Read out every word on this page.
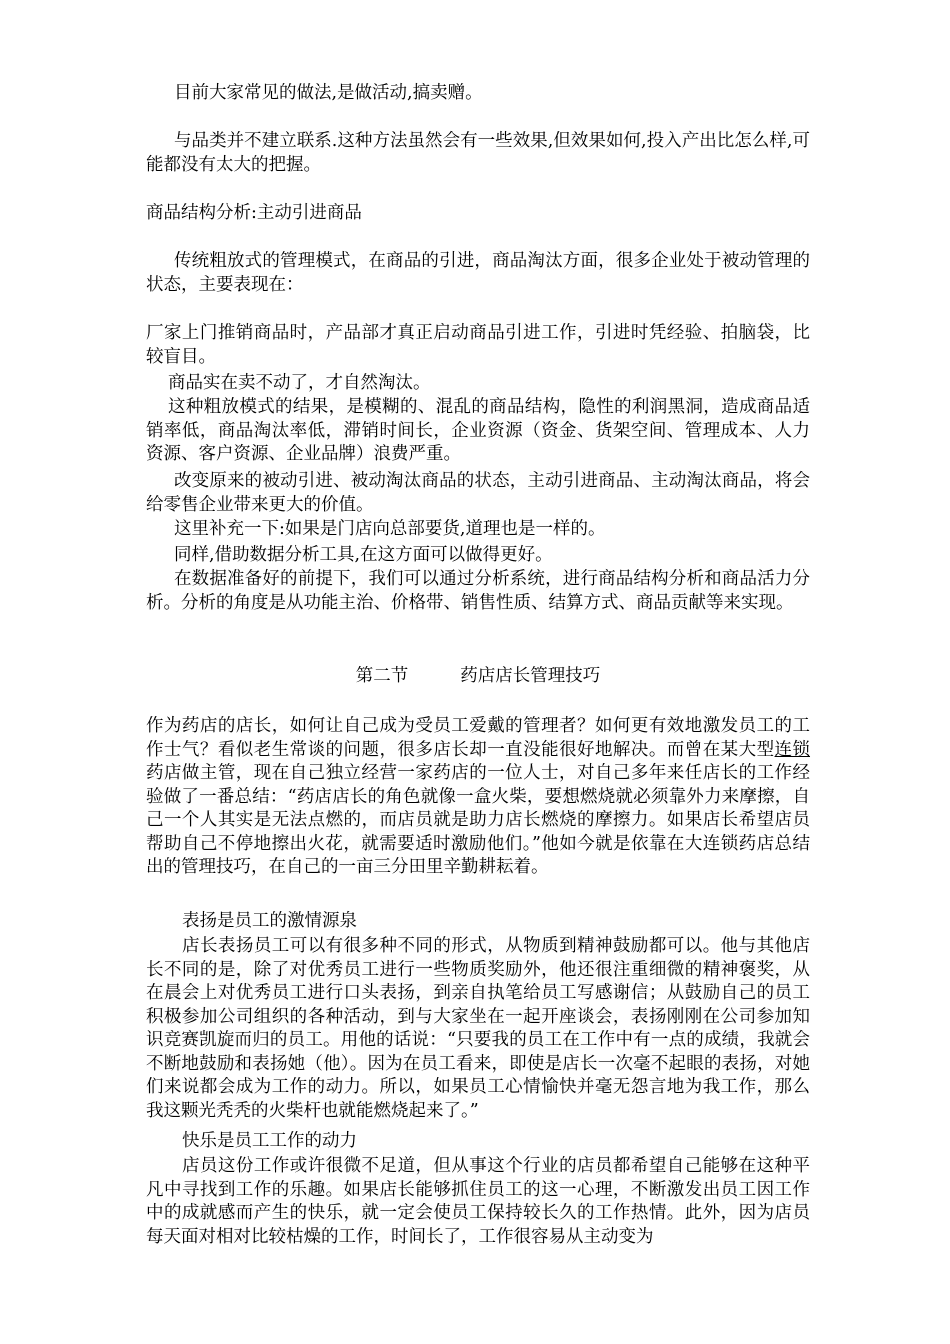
目前大家常见的做法,是做活动,搞卖赠。

与品类并不建立联系.这种方法虽然会有一些效果,但效果如何,投入产出比怎么样,可能都没有太大的把握。

商品结构分析:主动引进商品

传统粗放式的管理模式，在商品的引进，商品淘汰方面，很多企业处于被动管理的状态，主要表现在：

厂家上门推销商品时，产品部才真正启动商品引进工作，引进时凭经验、拍脑袋，比较盲目。

商品实在卖不动了，才自然淘汰。

这种粗放模式的结果，是模糊的、混乱的商品结构，隐性的利润黑洞，造成商品适销率低，商品淘汰率低，滞销时间长，企业资源（资金、货架空间、管理成本、人力资源、客户资源、企业品牌）浪费严重。

改变原来的被动引进、被动淘汰商品的状态，主动引进商品、主动淘汰商品，将会给零售企业带来更大的价值。

这里补充一下:如果是门店向总部要货,道理也是一样的。

同样,借助数据分析工具,在这方面可以做得更好。

在数据准备好的前提下，我们可以通过分析系统，进行商品结构分析和商品活力分析。分析的角度是从功能主治、价格带、销售性质、结算方式、商品贡献等来实现。

第二节	药店店长管理技巧

作为药店的店长，如何让自己成为受员工爱戴的管理者？如何更有效地激发员工的工作士气？看似老生常谈的问题，很多店长却一直没能很好地解决。而曾在某大型连锁药店做主管，现在自己独立经营一家药店的一位人士，对自己多年来任店长的工作经验做了一番总结：“药店店长的角色就像一盒火柴，要想燃烧就必须靠外力来摩擦，自己一个人其实是无法点燃的，而店员就是助力店长燃烧的摩擦力。如果店长希望店员帮助自己不停地擦出火花，就需要适时激励他们。”他如今就是依靠在大连锁药店总结出的管理技巧，在自己的一亩三分田里辛勤耕耘着。

表扬是员工的激情源泉

店长表扬员工可以有很多种不同的形式，从物质到精神鼓励都可以。他与其他店长不同的是，除了对优秀员工进行一些物质奖励外，他还很注重细微的精神褒奖，从在晨会上对优秀员工进行口头表扬，到亲自执笔给员工写感谢信；从鼓励自己的员工积极参加公司组织的各种活动，到与大家坐在一起开座谈会，表扬刚刚在公司参加知识竞赛凯旋而归的员工。用他的话说：“只要我的员工在工作中有一点的成绩，我就会不断地鼓励和表扬她（他）。因为在员工看来，即使是店长一次毫不起眼的表扬，对她们来说都会成为工作的动力。所以，如果员工心情愉快并毫无怨言地为我工作，那么我这颗光秃秃的火柴杆也就能燃烧起来了。”

快乐是员工工作的动力

店员这份工作或许很微不足道，但从事这个行业的店员都希望自己能够在这种平凡中寻找到工作的乐趣。如果店长能够抓住员工的这一心理，不断激发出员工因工作中的成就感而产生的快乐，就一定会使员工保持较长久的工作热情。此外，因为店员每天面对相对比较枯燥的工作，时间长了，工作很容易从主动变为
